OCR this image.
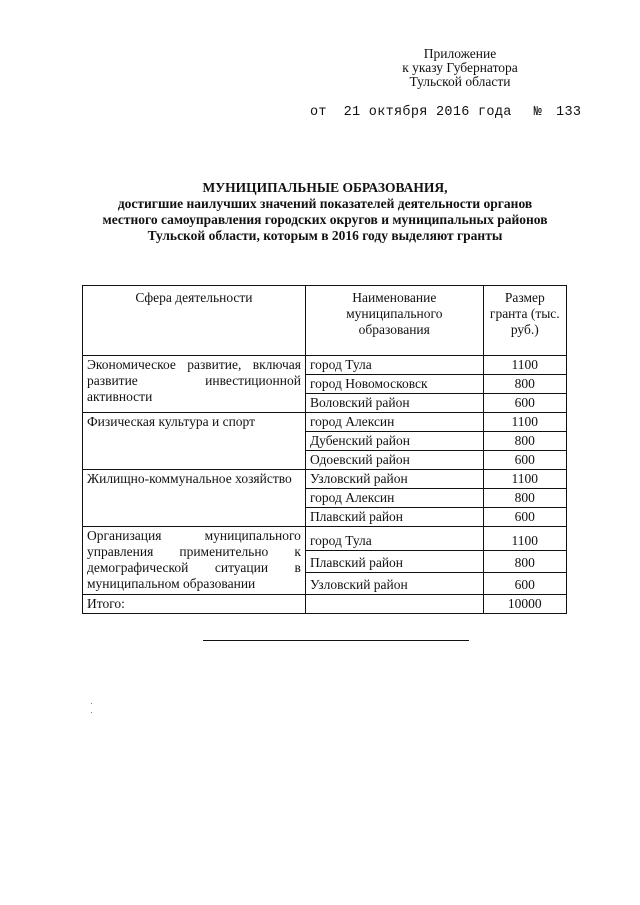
Приложение
к указу Губернатора
Тульской области
от  21 октября 2016 года № 133
МУНИЦИПАЛЬНЫЕ ОБРАЗОВАНИЯ,
достигшие наилучших значений показателей деятельности органов
местного самоуправления городских округов и муниципальных районов
Тульской области, которым в 2016 году выделяют гранты
Сфера деятельности	Наименование муниципального образования	Размер гранта (тыс. руб.)
Экономическое развитие, включая развитие инвестиционной активности	город Тула	1100
	город Новомосковск	800
	Воловский район	600
Физическая культура и спорт	город Алексин	1100
	Дубенский район	800
	Одоевский район	600
Жилищно-коммунальное хозяйство	Узловский район	1100
	город Алексин	800
	Плавский район	600
Организация муниципального управления применительно к демографической ситуации в муниципальном образовании	город Тула	1100
	Плавский район	800
	Узловский район	600
Итого:		10000
